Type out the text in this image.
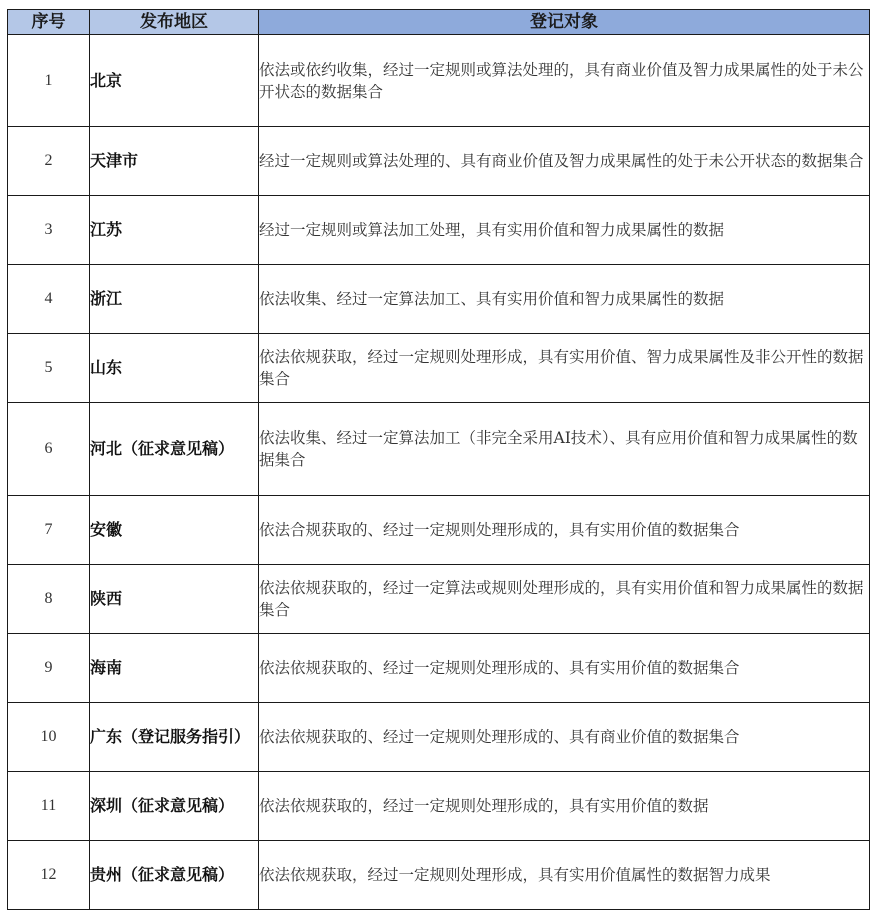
序号	发布地区	登记对象
1	北京	依法或依约收集，经过一定规则或算法处理的，具有商业价值及智力成果属性的处于未公开状态的数据集合
2	天津市	经过一定规则或算法处理的、具有商业价值及智力成果属性的处于未公开状态的数据集合
3	江苏	经过一定规则或算法加工处理，具有实用价值和智力成果属性的数据
4	浙江	依法收集、经过一定算法加工、具有实用价值和智力成果属性的数据
5	山东	依法依规获取，经过一定规则处理形成，具有实用价值、智力成果属性及非公开性的数据集合
6	河北（征求意见稿）	依法收集、经过一定算法加工（非完全采用AI技术）、具有应用价值和智力成果属性的数据集合
7	安徽	依法合规获取的、经过一定规则处理形成的，具有实用价值的数据集合
8	陕西	依法依规获取的，经过一定算法或规则处理形成的，具有实用价值和智力成果属性的数据集合
9	海南	依法依规获取的、经过一定规则处理形成的、具有实用价值的数据集合
10	广东（登记服务指引）	依法依规获取的、经过一定规则处理形成的、具有商业价值的数据集合
11	深圳（征求意见稿）	依法依规获取的，经过一定规则处理形成的，具有实用价值的数据
12	贵州（征求意见稿）	依法依规获取，经过一定规则处理形成，具有实用价值属性的数据智力成果
